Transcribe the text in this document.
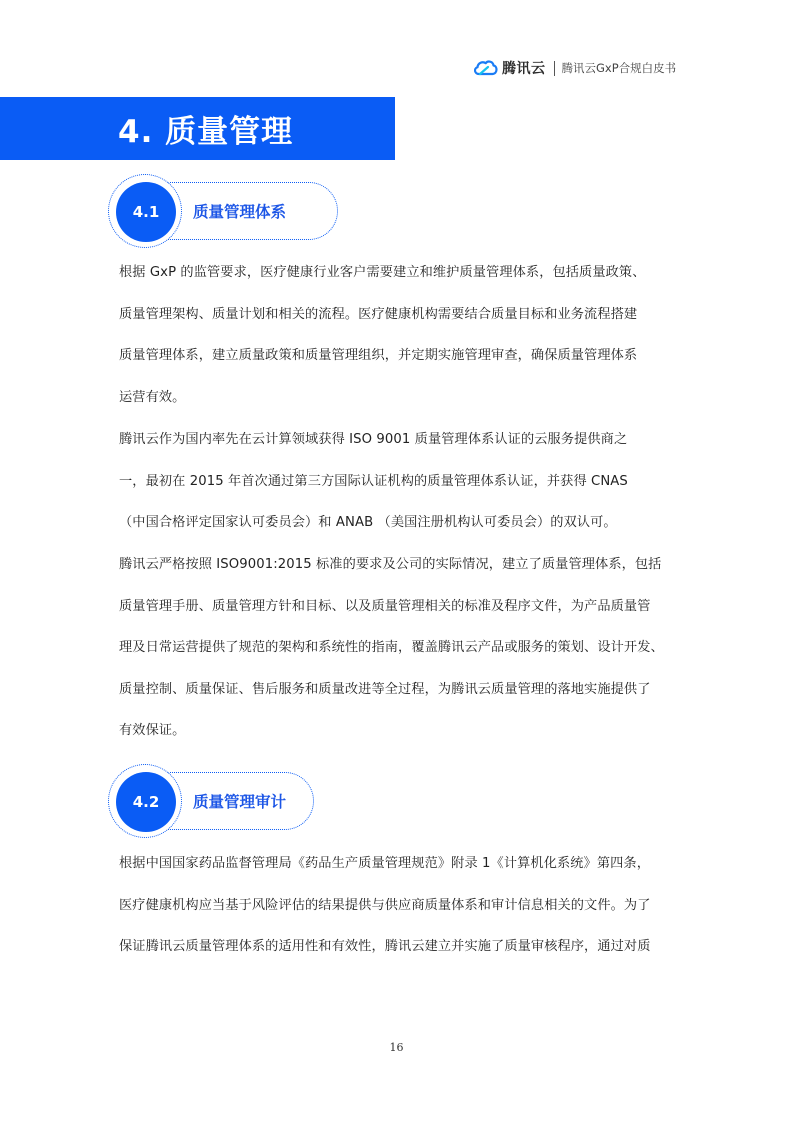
腾讯云 腾讯云GxP合规白皮书
4. 质量管理
4.1	质量管理体系

根据 GxP 的监管要求，医疗健康行业客户需要建立和维护质量管理体系，包括质量政策、
质量管理架构、质量计划和相关的流程。医疗健康机构需要结合质量目标和业务流程搭建
质量管理体系，建立质量政策和质量管理组织，并定期实施管理审查，确保质量管理体系
运营有效。

腾讯云作为国内率先在云计算领域获得 ISO 9001 质量管理体系认证的云服务提供商之
一，最初在 2015 年首次通过第三方国际认证机构的质量管理体系认证，并获得 CNAS
（中国合格评定国家认可委员会）和 ANAB （美国注册机构认可委员会）的双认可。

腾讯云严格按照 ISO9001:2015 标准的要求及公司的实际情况，建立了质量管理体系，包括
质量管理手册、质量管理方针和目标、以及质量管理相关的标准及程序文件，为产品质量管
理及日常运营提供了规范的架构和系统性的指南，覆盖腾讯云产品或服务的策划、设计开发、
质量控制、质量保证、售后服务和质量改进等全过程，为腾讯云质量管理的落地实施提供了
有效保证。

4.2	质量管理审计

根据中国国家药品监督管理局《药品生产质量管理规范》附录 1《计算机化系统》第四条，
医疗健康机构应当基于风险评估的结果提供与供应商质量体系和审计信息相关的文件。为了
保证腾讯云质量管理体系的适用性和有效性，腾讯云建立并实施了质量审核程序，通过对质

16
